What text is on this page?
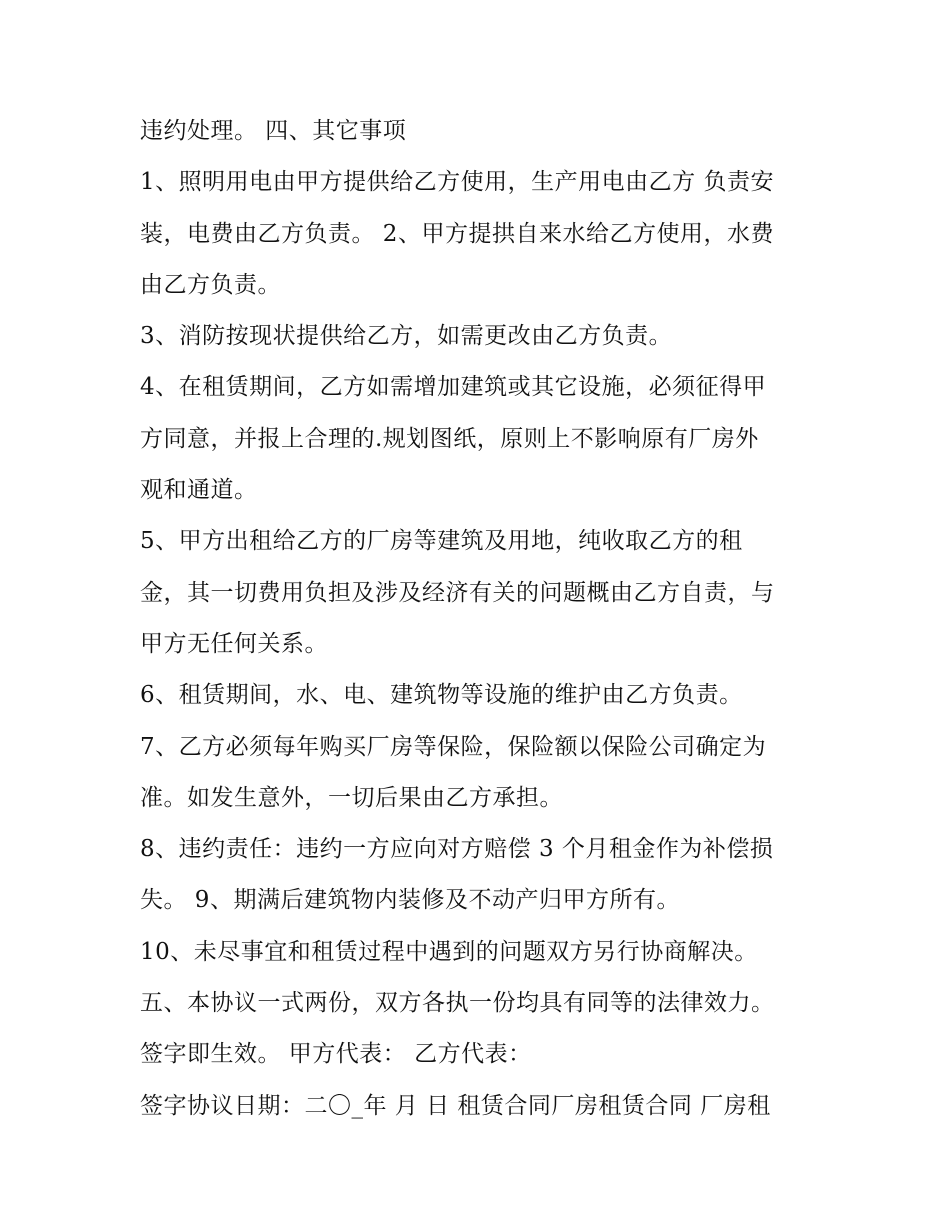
违约处理。 四、其它事项
1、照明用电由甲方提供给乙方使用，生产用电由乙方 负责安
装，电费由乙方负责。 2、甲方提拱自来水给乙方使用，水费
由乙方负责。
3、消防按现状提供给乙方，如需更改由乙方负责。
4、在租赁期间，乙方如需增加建筑或其它设施，必须征得甲
方同意，并报上合理的.规划图纸，原则上不影响原有厂房外
观和通道。
5、甲方出租给乙方的厂房等建筑及用地，纯收取乙方的租
金，其一切费用负担及涉及经济有关的问题概由乙方自责，与
甲方无任何关系。
6、租赁期间，水、电、建筑物等设施的维护由乙方负责。
7、乙方必须每年购买厂房等保险，保险额以保险公司确定为
准。如发生意外，一切后果由乙方承担。
8、违约责任：违约一方应向对方赔偿 3 个月租金作为补偿损
失。 9、期满后建筑物内装修及不动产归甲方所有。
10、未尽事宜和租赁过程中遇到的问题双方另行协商解决。
五、本协议一式两份，双方各执一份均具有同等的法律效力。
签字即生效。 甲方代表： 乙方代表：
签字协议日期：二〇_年 月 日 租赁合同厂房租赁合同 厂房租
